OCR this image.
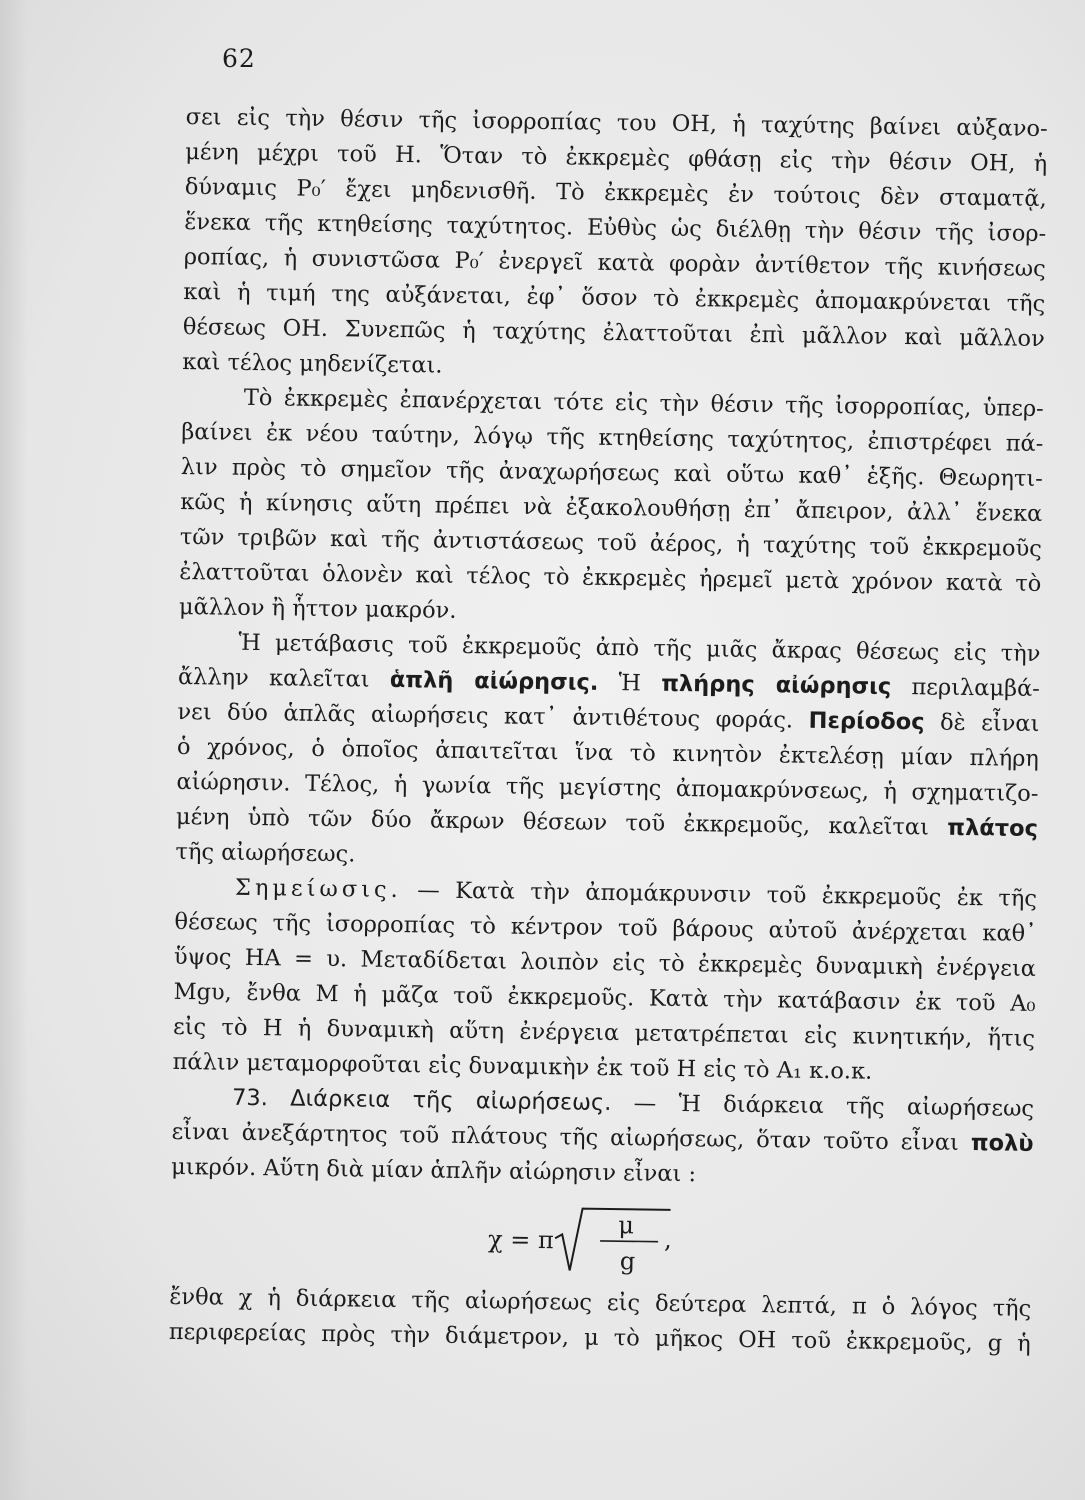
62
σει εἰς τὴν θέσιν τῆς ἰσορροπίας του ΟΗ, ἡ ταχύτης βαίνει αὐξανο-
μένη μέχρι τοῦ Η. Ὅταν τὸ ἐκκρεμὲς φθάσῃ εἰς τὴν θέσιν ΟΗ, ἡ
δύναμις Ρ₀′ ἔχει μηδενισθῆ. Τὸ ἐκκρεμὲς ἐν τούτοις δὲν σταματᾷ,
ἕνεκα τῆς κτηθείσης ταχύτητος. Εὐθὺς ὡς διέλθῃ τὴν θέσιν τῆς ἰσορ-
ροπίας, ἡ συνιστῶσα Ρ₀′ ἐνεργεῖ κατὰ φορὰν ἀντίθετον τῆς κινήσεως
καὶ ἡ τιμή της αὐξάνεται, ἐφ᾽ ὅσον τὸ ἐκκρεμὲς ἀπομακρύνεται τῆς
θέσεως ΟΗ. Συνεπῶς ἡ ταχύτης ἐλαττοῦται ἐπὶ μᾶλλον καὶ μᾶλλον
καὶ τέλος μηδενίζεται.
Τὸ ἐκκρεμὲς ἐπανέρχεται τότε εἰς τὴν θέσιν τῆς ἰσορροπίας, ὑπερ-
βαίνει ἐκ νέου ταύτην, λόγῳ τῆς κτηθείσης ταχύτητος, ἐπιστρέφει πά-
λιν πρὸς τὸ σημεῖον τῆς ἀναχωρήσεως καὶ οὕτω καθ᾽ ἑξῆς. Θεωρητι-
κῶς ἡ κίνησις αὕτη πρέπει νὰ ἐξακολουθήσῃ ἐπ᾽ ἄπειρον, ἀλλ᾽ ἕνεκα
τῶν τριβῶν καὶ τῆς ἀντιστάσεως τοῦ ἀέρος, ἡ ταχύτης τοῦ ἐκκρεμοῦς
ἐλαττοῦται ὁλονὲν καὶ τέλος τὸ ἐκκρεμὲς ἠρεμεῖ μετὰ χρόνον κατὰ τὸ
μᾶλλον ἢ ἧττον μακρόν.
Ἡ μετάβασις τοῦ ἐκκρεμοῦς ἀπὸ τῆς μιᾶς ἄκρας θέσεως εἰς τὴν
ἄλλην καλεῖται ἁπλῆ αἰώρησις. Ἡ πλήρης αἰώρησις περιλαμβά-
νει δύο ἁπλᾶς αἰωρήσεις κατ᾽ ἀντιθέτους φοράς. Περίοδος δὲ εἶναι
ὁ χρόνος, ὁ ὁποῖος ἀπαιτεῖται ἵνα τὸ κινητὸν ἐκτελέσῃ μίαν πλήρη
αἰώρησιν. Τέλος, ἡ γωνία τῆς μεγίστης ἀπομακρύνσεως, ἡ σχηματιζο-
μένη ὑπὸ τῶν δύο ἄκρων θέσεων τοῦ ἐκκρεμοῦς, καλεῖται πλάτος
τῆς αἰωρήσεως.
Σημείωσις. — Κατὰ τὴν ἀπομάκρυνσιν τοῦ ἐκκρεμοῦς ἐκ τῆς
θέσεως τῆς ἰσορροπίας τὸ κέντρον τοῦ βάρους αὐτοῦ ἀνέρχεται καθ᾽
ὕψος ΗΑ = υ. Μεταδίδεται λοιπὸν εἰς τὸ ἐκκρεμὲς δυναμικὴ ἐνέργεια
Mgυ, ἔνθα Μ ἡ μᾶζα τοῦ ἐκκρεμοῦς. Κατὰ τὴν κατάβασιν ἐκ τοῦ Α₀
εἰς τὸ Η ἡ δυναμικὴ αὕτη ἐνέργεια μετατρέπεται εἰς κινητικήν, ἥτις
πάλιν μεταμορφοῦται εἰς δυναμικὴν ἐκ τοῦ Η εἰς τὸ Α₁ κ.ο.κ.
73. Διάρκεια τῆς αἰωρήσεως. — Ἡ διάρκεια τῆς αἰωρήσεως
εἶναι ἀνεξάρτητος τοῦ πλάτους τῆς αἰωρήσεως, ὅταν τοῦτο εἶναι πολὺ
μικρόν. Αὕτη διὰ μίαν ἁπλῆν αἰώρησιν εἶναι :
χ = π
μ
g
,
ἔνθα χ ἡ διάρκεια τῆς αἰωρήσεως εἰς δεύτερα λεπτά, π ὁ λόγος τῆς
περιφερείας πρὸς τὴν διάμετρον, μ τὸ μῆκος ΟΗ τοῦ ἐκκρεμοῦς, g ἡ
